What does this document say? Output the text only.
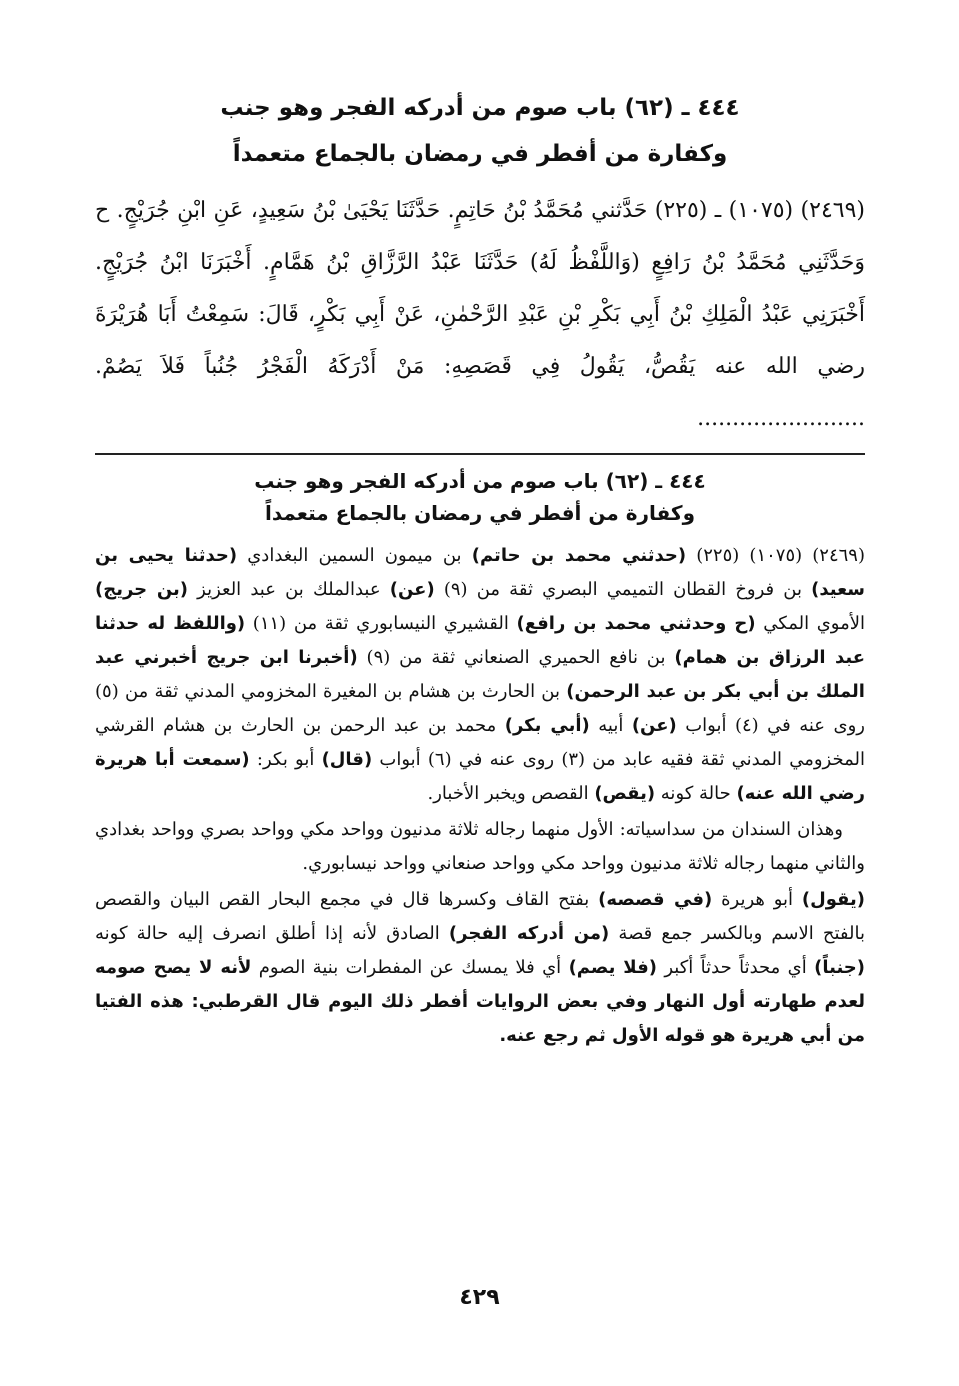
٤٤٤ ـ (٦٢) باب صوم من أدركه الفجر وهو جنب
وكفارة من أفطر في رمضان بالجماع متعمداً
(٢٤٦٩) (١٠٧٥) ـ (٢٢٥) حَدَّثني مُحَمَّدُ بْنُ حَاتِمٍ. حَدَّثَنَا يَحْيَىٰ بْنُ سَعِيدٍ، عَنِ ابْنِ جُرَيْجٍ. ح وَحَدَّثَنِي مُحَمَّدُ بْنُ رَافِعٍ (وَاللَّفْظُ لَهُ) حَدَّثَنَا عَبْدُ الرَّزَّاقِ بْنُ هَمَّامٍ. أَخْبَرَنَا ابْنُ جُرَيْجٍ. أَخْبَرَنِي عَبْدُ الْمَلِكِ بْنُ أَبِي بَكْرِ بْنِ عَبْدِ الرَّحْمٰنِ، عَنْ أَبِي بَكْرٍ، قَالَ: سَمِعْتُ أَبَا هُرَيْرَةَ رضي الله عنه يَقُصُّ، يَقُولُ فِي قَصَصِهِ: مَنْ أَدْرَكَهُ الْفَجْرُ جُنُباً فَلاَ يَصُمْ. ........................
٤٤٤ ـ (٦٢) باب صوم من أدركه الفجر وهو جنب
وكفارة من أفطر في رمضان بالجماع متعمداً

(٢٤٦٩) (١٠٧٥) (٢٢٥) (حدثني محمد بن حاتم) بن ميمون السمين البغدادي (حدثنا يحيى بن سعيد) بن فروخ القطان التميمي البصري ثقة من (٩) (عن) عبدالملك بن عبد العزيز (بن جريج) الأموي المكي (ح وحدثني محمد بن رافع) القشيري النيسابوري ثقة من (١١) (واللفظ له حدثنا عبد الرزاق بن همام) بن نافع الحميري الصنعاني ثقة من (٩) (أخبرنا ابن جريج أخبرني عبد الملك بن أبي بكر بن عبد الرحمن) بن الحارث بن هشام بن المغيرة المخزومي المدني ثقة من (٥) روى عنه في (٤) أبواب (عن) أبيه (أبي بكر) محمد بن عبد الرحمن بن الحارث بن هشام القرشي المخزومي المدني ثقة فقيه عابد من (٣) روى عنه في (٦) أبواب (قال) أبو بكر: (سمعت أبا هريرة رضي الله عنه) حالة كونه (يقص) القصص ويخبر الأخبار.

وهذان السندان من سداسياته: الأول منهما رجاله ثلاثة مدنيون وواحد مكي وواحد بصري وواحد بغدادي والثاني منهما رجاله ثلاثة مدنيون وواحد مكي وواحد صنعاني وواحد نيسابوري.

(يقول) أبو هريرة (في قصصه) بفتح القاف وكسرها قال في مجمع البحار القص البيان والقصص بالفتح الاسم وبالكسر جمع قصة (من أدركه الفجر) الصادق لأنه إذا أطلق انصرف إليه حالة كونه (جنباً) أي محدثاً حدثاً أكبر (فلا يصم) أي فلا يمسك عن المفطرات بنية الصوم لأنه لا يصح صومه لعدم طهارته أول النهار وفي بعض الروايات أفطر ذلك اليوم قال القرطبي: هذه الفتيا من أبي هريرة هو قوله الأول ثم رجع عنه.

٤٢٩
